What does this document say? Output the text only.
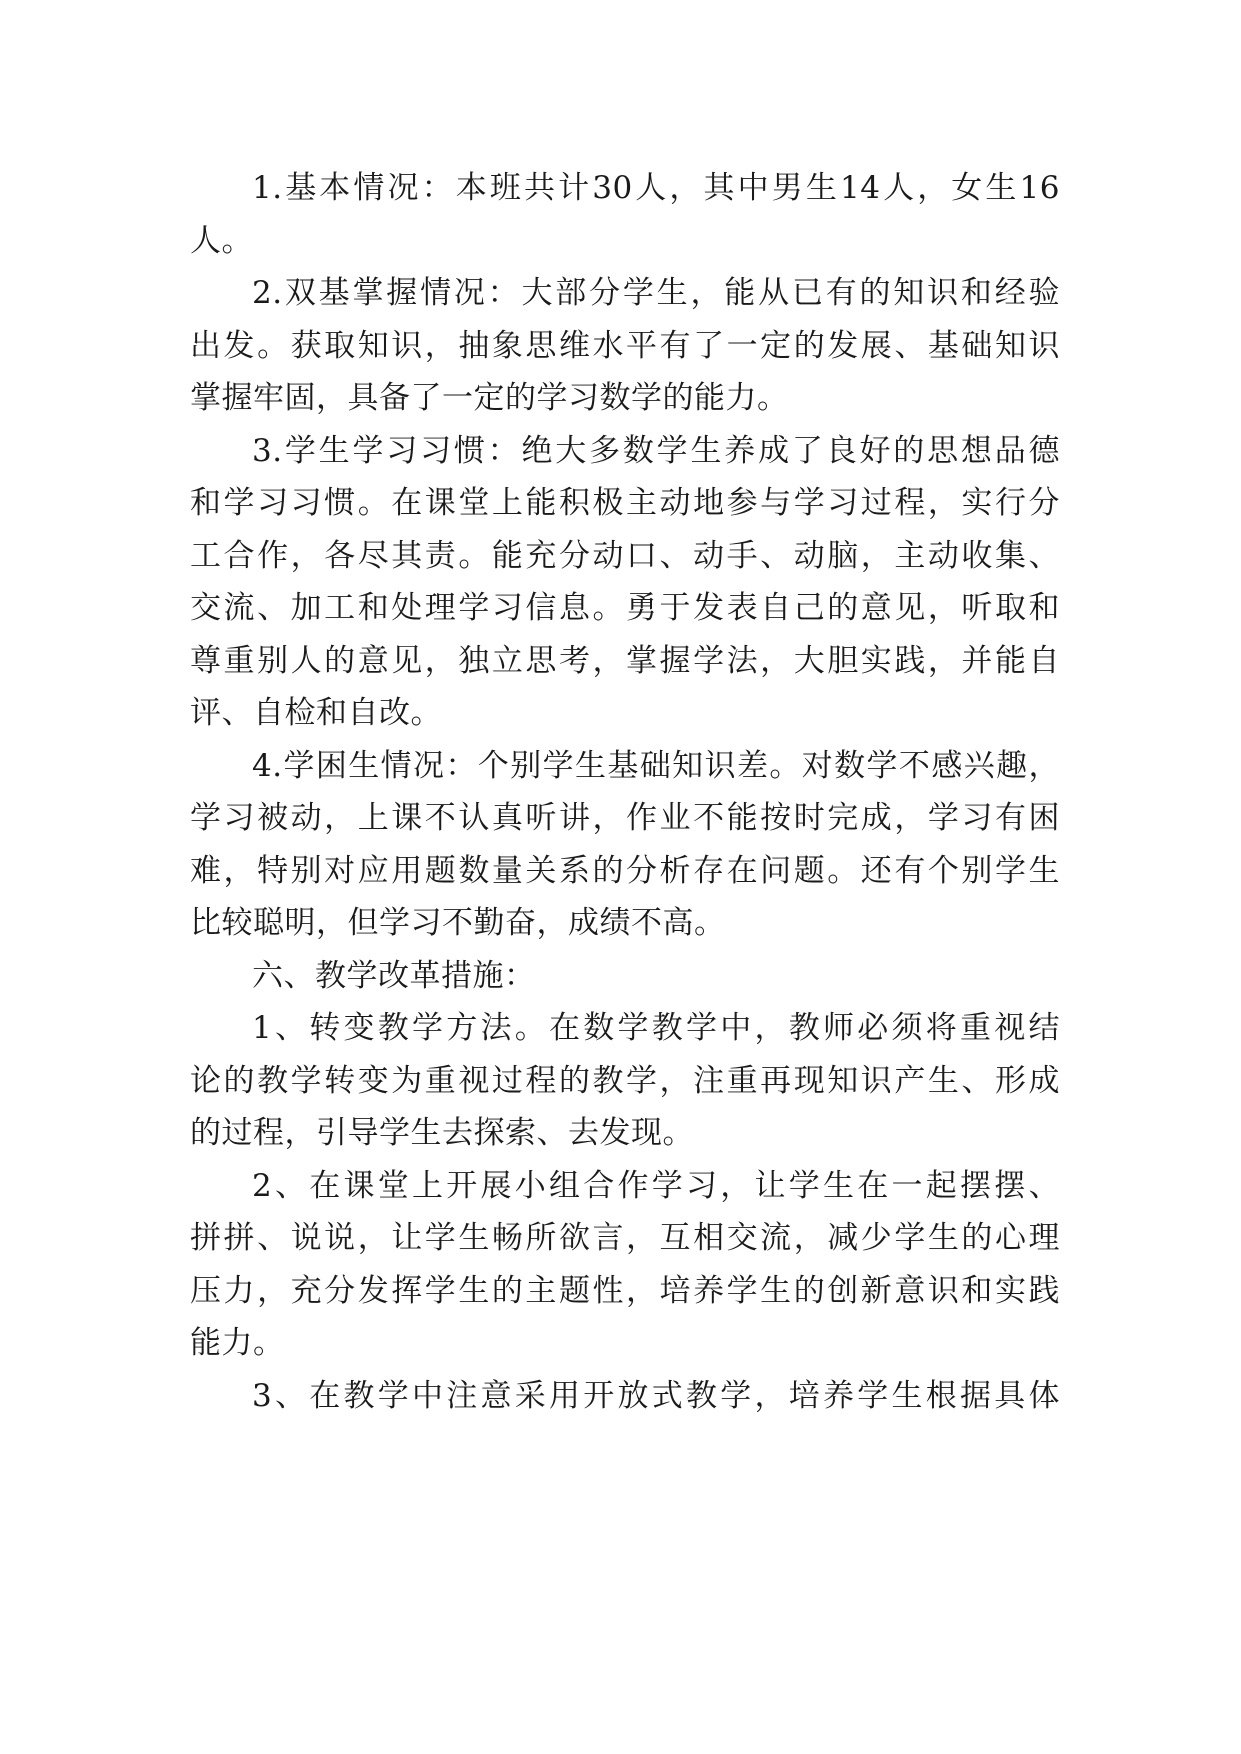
1.基本情况：本班共计30人，其中男生14人，女生16
人。
2.双基掌握情况：大部分学生，能从已有的知识和经验
出发。获取知识，抽象思维水平有了一定的发展、基础知识
掌握牢固，具备了一定的学习数学的能力。
3.学生学习习惯：绝大多数学生养成了良好的思想品德
和学习习惯。在课堂上能积极主动地参与学习过程，实行分
工合作，各尽其责。能充分动口、动手、动脑，主动收集、
交流、加工和处理学习信息。勇于发表自己的意见，听取和
尊重别人的意见，独立思考，掌握学法，大胆实践，并能自
评、自检和自改。
4.学困生情况：个别学生基础知识差。对数学不感兴趣，
学习被动，上课不认真听讲，作业不能按时完成，学习有困
难，特别对应用题数量关系的分析存在问题。还有个别学生
比较聪明，但学习不勤奋，成绩不高。
六、教学改革措施：
1、转变教学方法。在数学教学中，教师必须将重视结
论的教学转变为重视过程的教学，注重再现知识产生、形成
的过程，引导学生去探索、去发现。
2、在课堂上开展小组合作学习，让学生在一起摆摆、
拼拼、说说，让学生畅所欲言，互相交流，减少学生的心理
压力，充分发挥学生的主题性，培养学生的创新意识和实践
能力。
3、在教学中注意采用开放式教学，培养学生根据具体
